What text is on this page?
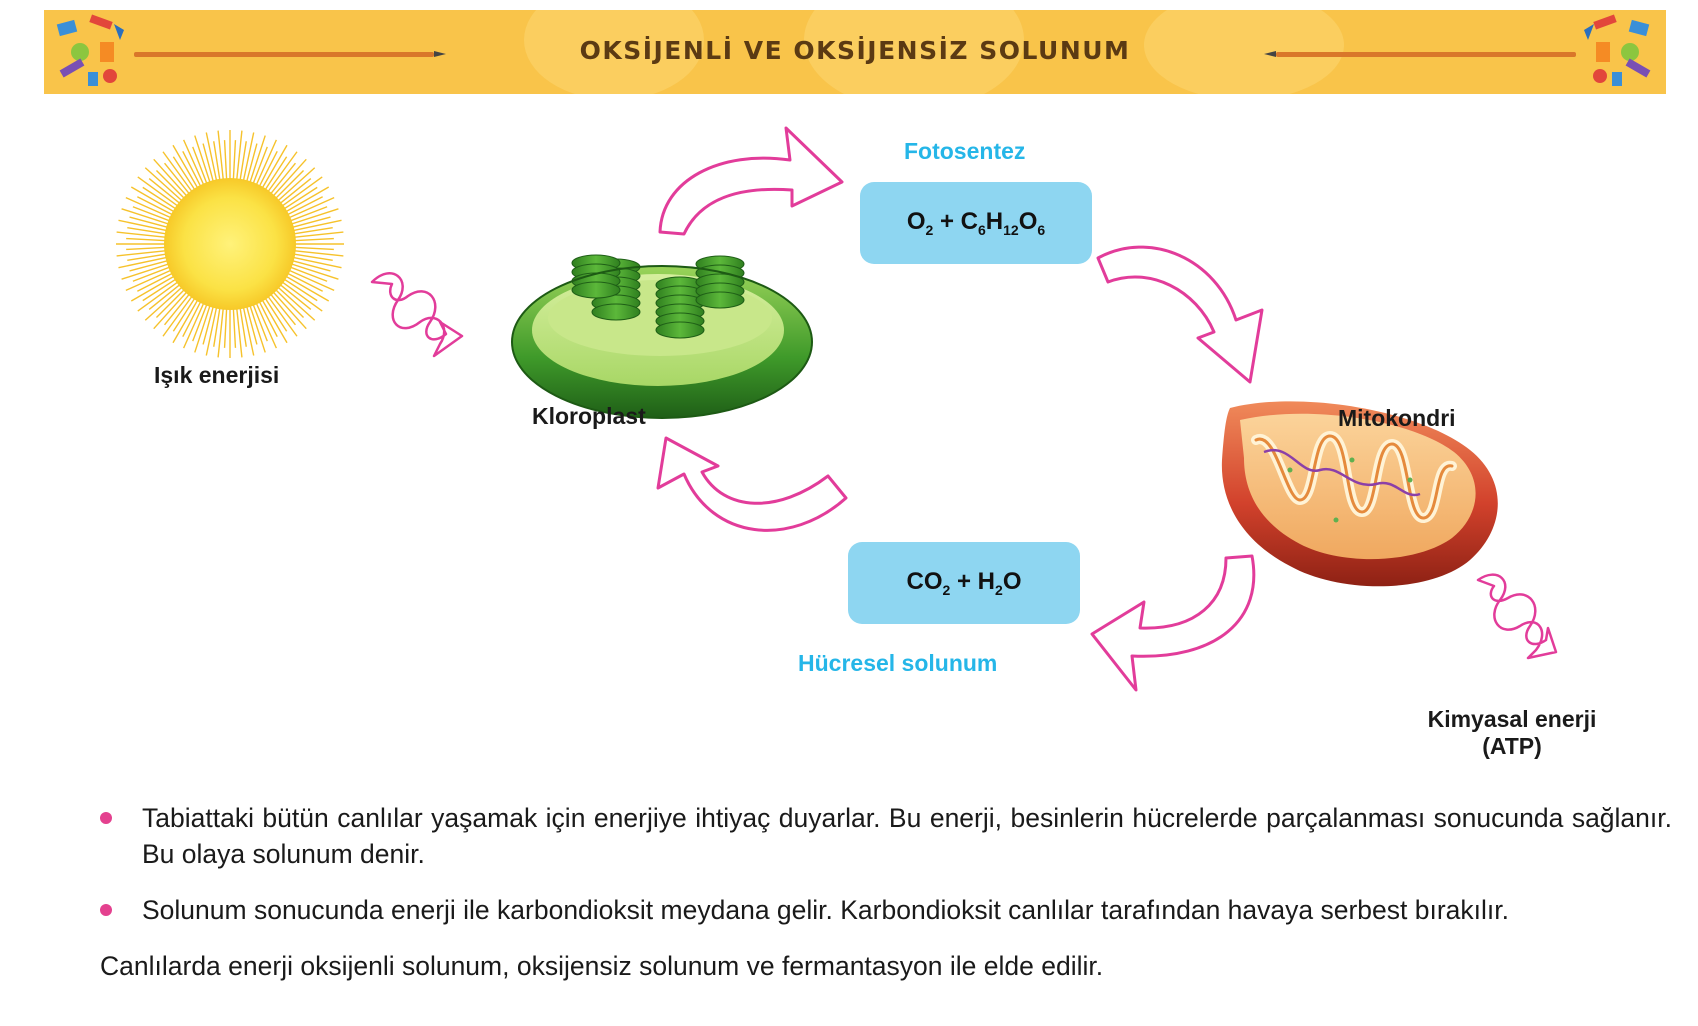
OKSİJENLİ VE OKSİJENSİZ SOLUNUM
Işık enerjisi
Kloroplast
Fotosentez
$O_2 + C_6H_{12}O_6$
Mitokondri
$CO_2 + H_2O$
Hücresel solunum
Kimyasal enerji
(ATP)
Tabiattaki bütün canlılar yaşamak için enerjiye ihtiyaç duyarlar. Bu enerji, besinlerin hücrelerde parçalanması sonucunda sağlanır. Bu olaya solunum denir.
Solunum sonucunda enerji ile karbondioksit meydana gelir. Karbondioksit canlılar tarafından havaya serbest bırakılır.
Canlılarda enerji oksijenli solunum, oksijensiz solunum ve fermantasyon ile elde edilir.
